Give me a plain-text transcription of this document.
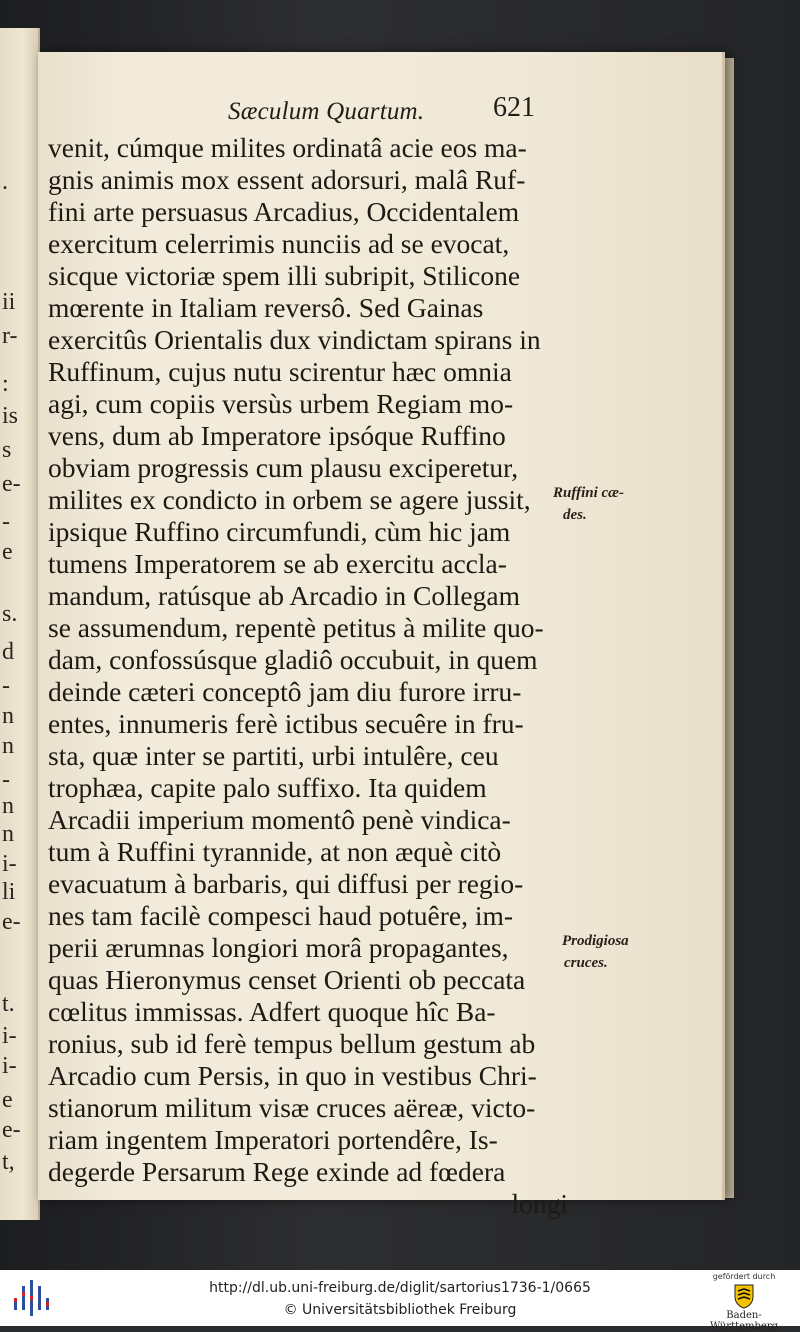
.
ii
r-
:
is
s
e-
-
e
s.
d
-
n
n
-
n
n
i-
li
e-
t.
i-
i-
e
e-
t,
Sæculum Quartum. 621
venit, cúmque milites ordinatâ acie eos ma-
gnis animis mox essent adorsuri, malâ Ruf-
fini arte persuasus Arcadius, Occidentalem
exercitum celerrimis nunciis ad se evocat,
sicque victoriæ spem illi subripit, Stilicone
mœrente in Italiam reversô. Sed Gainas
exercitûs Orientalis dux vindictam spirans in
Ruffinum, cujus nutu scirentur hæc omnia
agi, cum copiis versùs urbem Regiam mo-
vens, dum ab Imperatore ipsóque Ruffino
obviam progressis cum plausu exciperetur,
milites ex condicto in orbem se agere jussit,
ipsique Ruffino circumfundi, cùm hic jam
tumens Imperatorem se ab exercitu accla-
mandum, ratúsque ab Arcadio in Collegam
se assumendum, repentè petitus à milite quo-
dam, confossúsque gladiô occubuit, in quem
deinde cæteri conceptô jam diu furore irru-
entes, innumeris ferè ictibus secuêre in fru-
sta, quæ inter se partiti, urbi intulêre, ceu
trophæa, capite palo suffixo. Ita quidem
Arcadii imperium momentô penè vindica-
tum à Ruffini tyrannide, at non æquè citò
evacuatum à barbaris, qui diffusi per regio-
nes tam facilè compesci haud potuêre, im-
perii ærumnas longiori morâ propagantes,
quas Hieronymus censet Orienti ob peccata
cœlitus immissas. Adfert quoque hîc Ba-
ronius, sub id ferè tempus bellum gestum ab
Arcadio cum Persis, in quo in vestibus Chri-
stianorum militum visæ cruces aëreæ, victo-
riam ingentem Imperatori portendêre, Is-
degerde Persarum Rege exinde ad fœdera
longi
Ruffini cæ-
des.
Prodigiosa
cruces.
http://dl.ub.uni-freiburg.de/diglit/sartorius1736-1/0665
© Universitätsbibliothek Freiburg
gefördert durch
Baden-Württemberg
